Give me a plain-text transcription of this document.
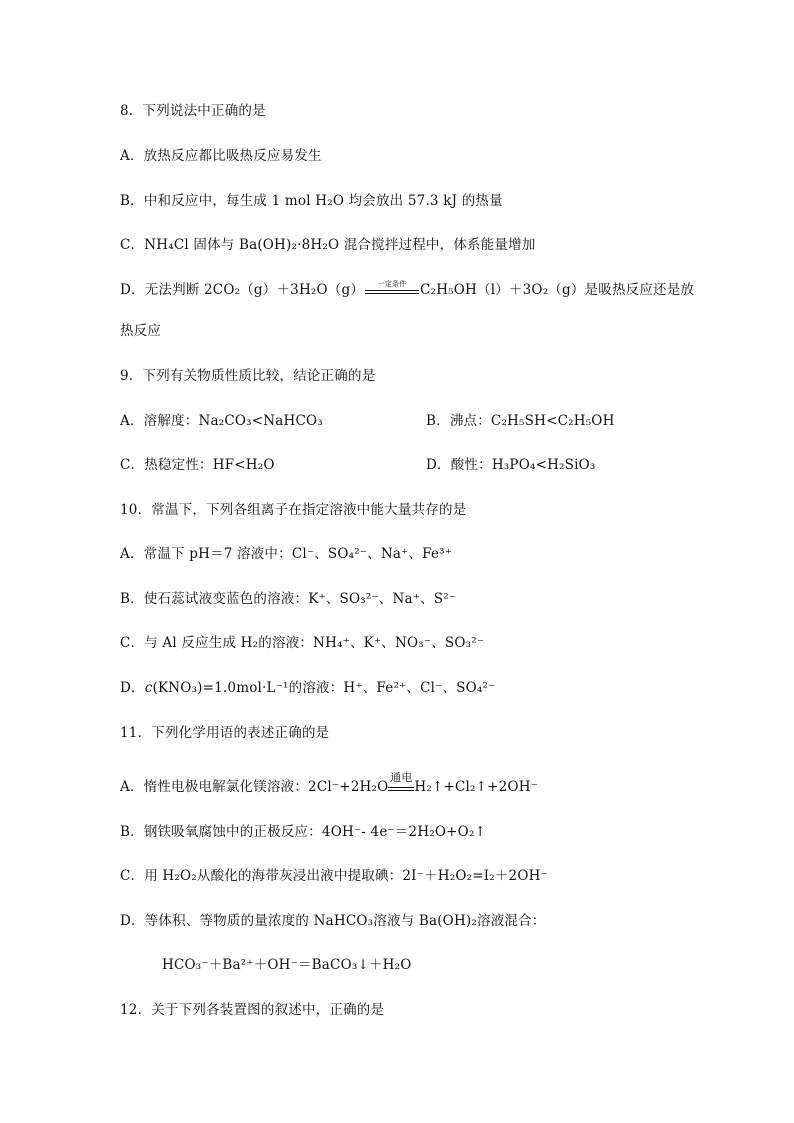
8．下列说法中正确的是
A．放热反应都比吸热反应易发生
B．中和反应中，每生成 1 mol H₂O 均会放出 57.3 kJ 的热量
C．NH₄Cl 固体与 Ba(OH)₂·8H₂O 混合搅拌过程中，体系能量增加
D．无法判断 2CO₂（g）＋3H₂O（g）	一定条件	C₂H₅OH（l）＋3O₂（g）是吸热反应还是放
热反应
9．下列有关物质性质比较，结论正确的是
A．溶解度：Na₂CO₃<NaHCO₃	B．沸点：C₂H₅SH<C₂H₅OH
C．热稳定性：HF<H₂O	D．酸性：H₃PO₄<H₂SiO₃
10．常温下，下列各组离子在指定溶液中能大量共存的是
A．常温下 pH＝7 溶液中：Cl⁻、SO₄²⁻、Na⁺、Fe³⁺
B．使石蕊试液变蓝色的溶液：K⁺、SO₃²⁻、Na⁺、S²⁻
C．与 Al 反应生成 H₂的溶液：NH₄⁺、K⁺、NO₃⁻、SO₃²⁻
D．c(KNO₃)=1.0mol·L⁻¹的溶液：H⁺、Fe²⁺、Cl⁻、SO₄²⁻
11．下列化学用语的表述正确的是
A．惰性电极电解氯化镁溶液：2Cl⁻+2H₂O
通电
H₂↑+Cl₂↑+2OH⁻
B．钢铁吸氧腐蚀中的正极反应：4OH⁻- 4e⁻＝2H₂O+O₂↑
C．用 H₂O₂从酸化的海带灰浸出液中提取碘：2I⁻＋H₂O₂=I₂＋2OH⁻
D．等体积、等物质的量浓度的 NaHCO₃溶液与 Ba(OH)₂溶液混合：
HCO₃⁻＋Ba²⁺＋OH⁻＝BaCO₃↓＋H₂O
12．关于下列各装置图的叙述中，正确的是
